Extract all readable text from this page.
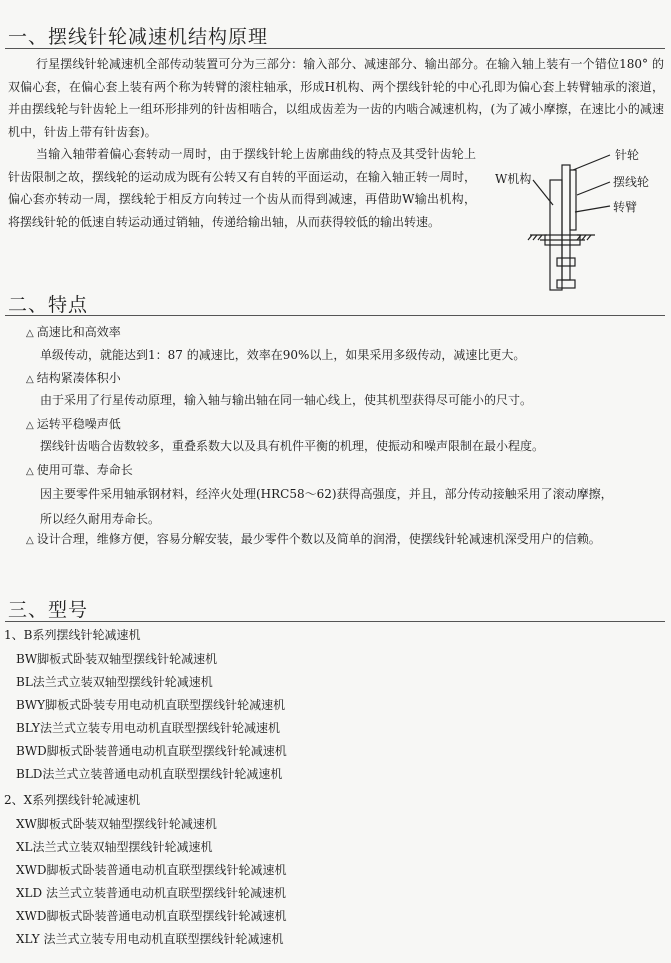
一、摆线针轮减速机结构原理

行星摆线针轮减速机全部传动装置可分为三部分：输入部分、减速部分、输出部分。在输入轴上装有一个错位180° 的双偏心套，在偏心套上装有两个称为转臂的滚柱轴承，形成H机构、两个摆线针轮的中心孔即为偏心套上转臂轴承的滚道，并由摆线轮与针齿轮上一组环形排列的针齿相啮合，以组成齿差为一齿的内啮合减速机构，(为了减小摩擦，在速比小的减速机中，针齿上带有针齿套)。

当输入轴带着偏心套转动一周时，由于摆线针轮上齿廓曲线的特点及其受针齿轮上针齿限制之故，摆线轮的运动成为既有公转又有自转的平面运动，在输入轴正转一周时，偏心套亦转动一周，摆线轮于相反方向转过一个齿从而得到减速，再借助W输出机构，将摆线针轮的低速自转运动通过销轴，传递给输出轴，从而获得较低的输出转速。

针轮
W机构	摆线轮
转臂
二、特点
△ 高速比和高效率

单级传动，就能达到1：87 的减速比，效率在90%以上，如果采用多级传动，减速比更大。

△ 结构紧凑体积小

由于采用了行星传动原理，输入轴与输出轴在同一轴心线上，使其机型获得尽可能小的尺寸。

△ 运转平稳噪声低

摆线针齿啮合齿数较多，重叠系数大以及具有机件平衡的机理，使振动和噪声限制在最小程度。

△ 使用可靠、寿命长

因主要零件采用轴承钢材料，经淬火处理(HRC58～62)获得高强度，并且，部分传动接触采用了滚动摩擦，

所以经久耐用寿命长。

△ 设计合理，维修方便，容易分解安装，最少零件个数以及简单的润滑，使摆线针轮减速机深受用户的信赖。
三、型号

1、B系列摆线针轮减速机

BW脚板式卧装双轴型摆线针轮减速机

BL法兰式立装双轴型摆线针轮减速机

BWY脚板式卧装专用电动机直联型摆线针轮减速机

BLY法兰式立装专用电动机直联型摆线针轮减速机

BWD脚板式卧装普通电动机直联型摆线针轮减速机

BLD法兰式立装普通电动机直联型摆线针轮减速机

2、X系列摆线针轮减速机

XW脚板式卧装双轴型摆线针轮减速机

XL法兰式立装双轴型摆线针轮减速机

XWD脚板式卧装普通电动机直联型摆线针轮减速机

XLD 法兰式立装普通电动机直联型摆线针轮减速机

XWD脚板式卧装普通电动机直联型摆线针轮减速机

XLY 法兰式立装专用电动机直联型摆线针轮减速机
